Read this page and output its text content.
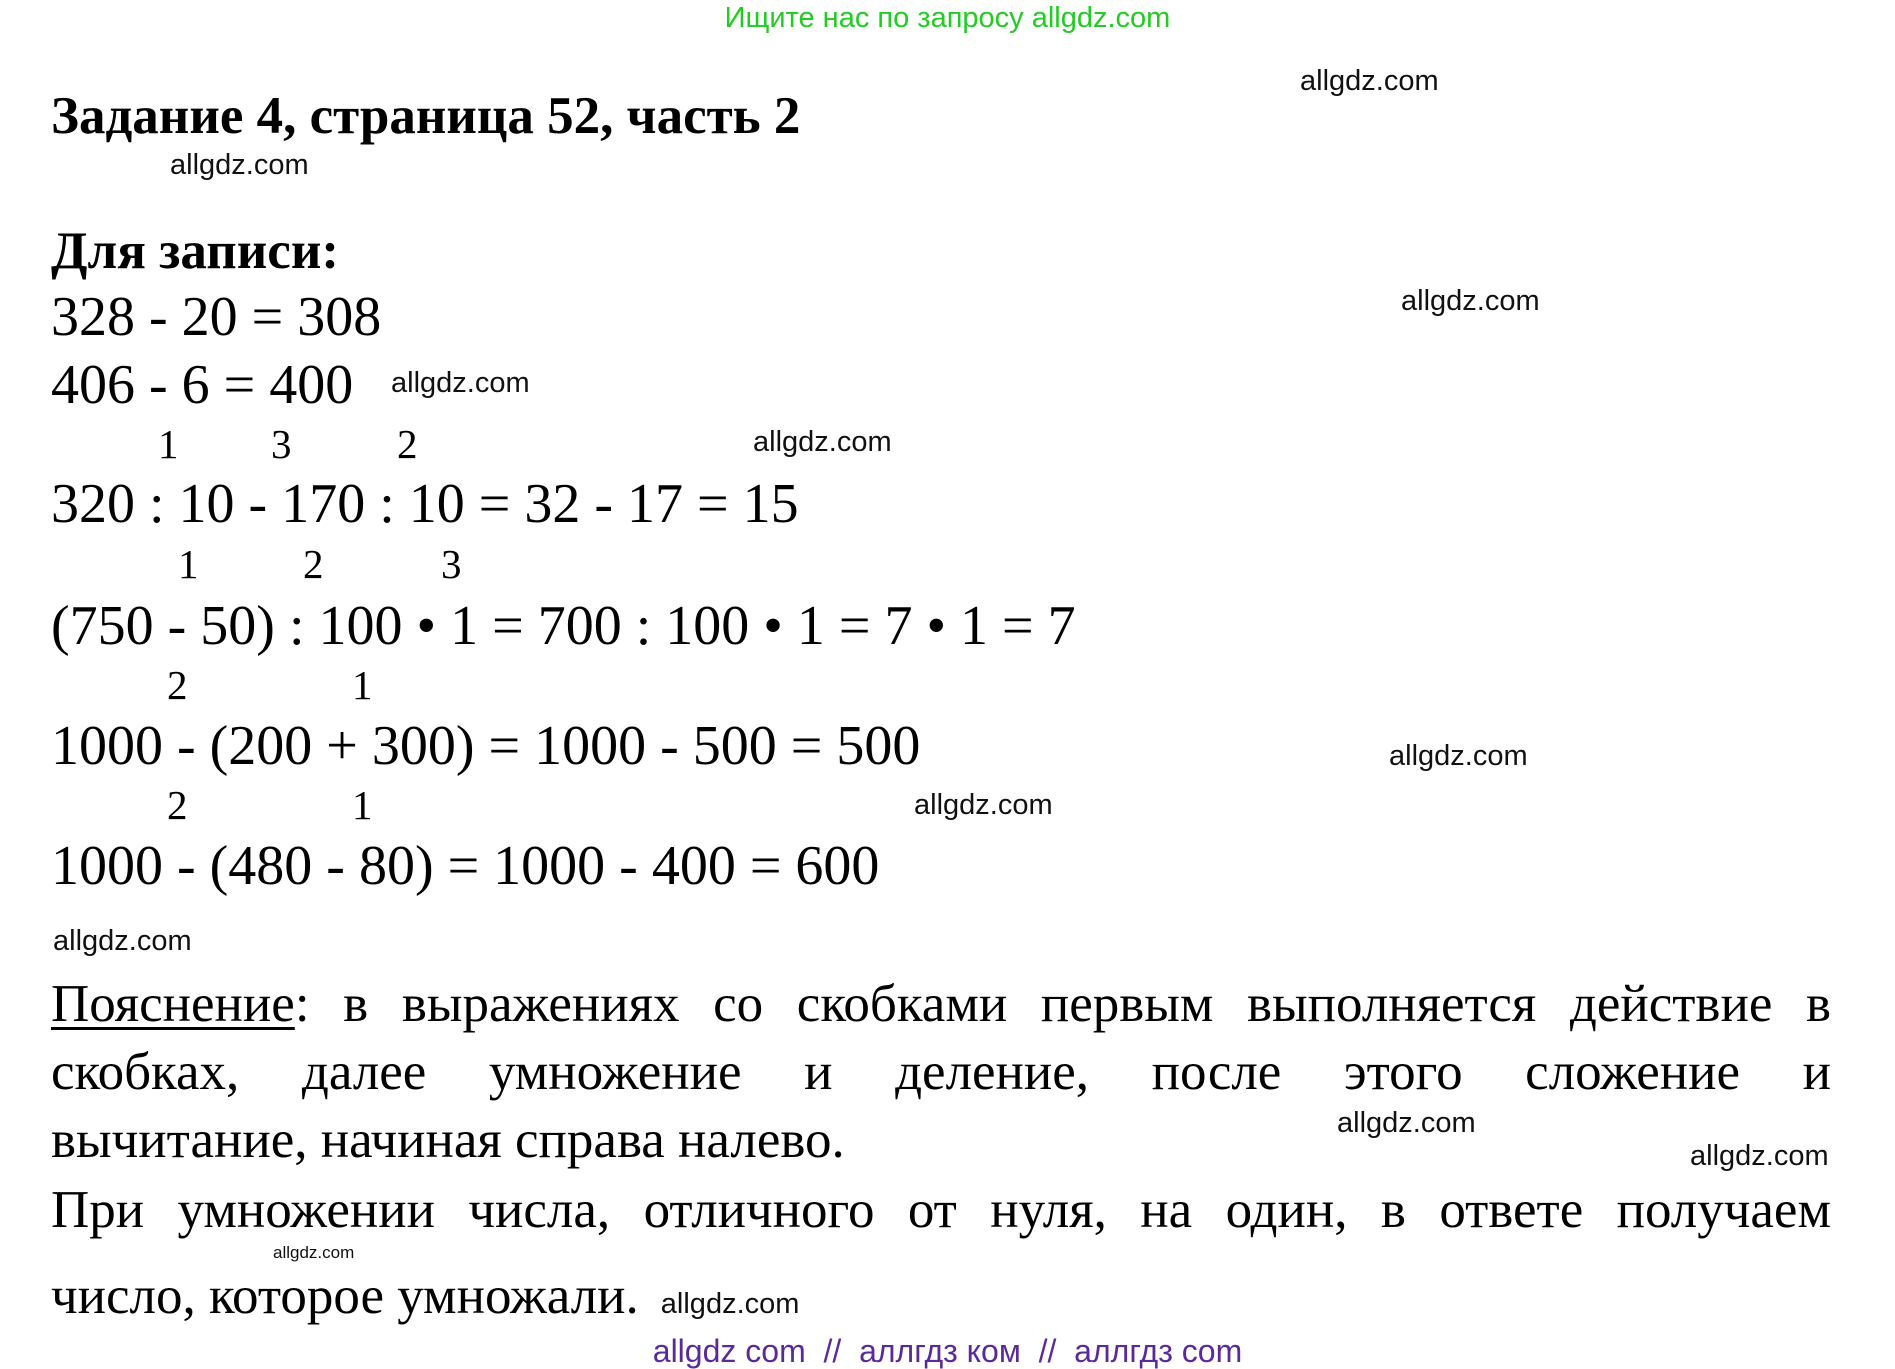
Ищите нас по запросу allgdz.com
Задание 4, страница 52, часть 2
Для записи:
328 - 20 = 308
406 - 6 = 400
1 3	2
320 : 10 - 170 : 10 = 32 - 17 = 15
1	2	3
(750 - 50) : 100 • 1 = 700 : 100 • 1 = 7 • 1 = 7
2	1
1000 - (200 + 300) = 1000 - 500 = 500
2	1
1000 - (480 - 80) = 1000 - 400 = 600
Пояснение: в выражениях со скобками первым выполняется действие в
скобках, далее умножение и деление, после этого сложение и
вычитание, начиная справа налево.
При умножении числа, отличного от нуля, на один, в ответе получаем
allgdz.com
число, которое умножали. allgdz.com
allgdz.com
allgdz.com
allgdz.com
allgdz.com
allgdz.com
allgdz.com
allgdz.com
allgdz.com
allgdz.com
allgdz.com
allgdz com  //  аллгдз ком  //  аллгдз com
